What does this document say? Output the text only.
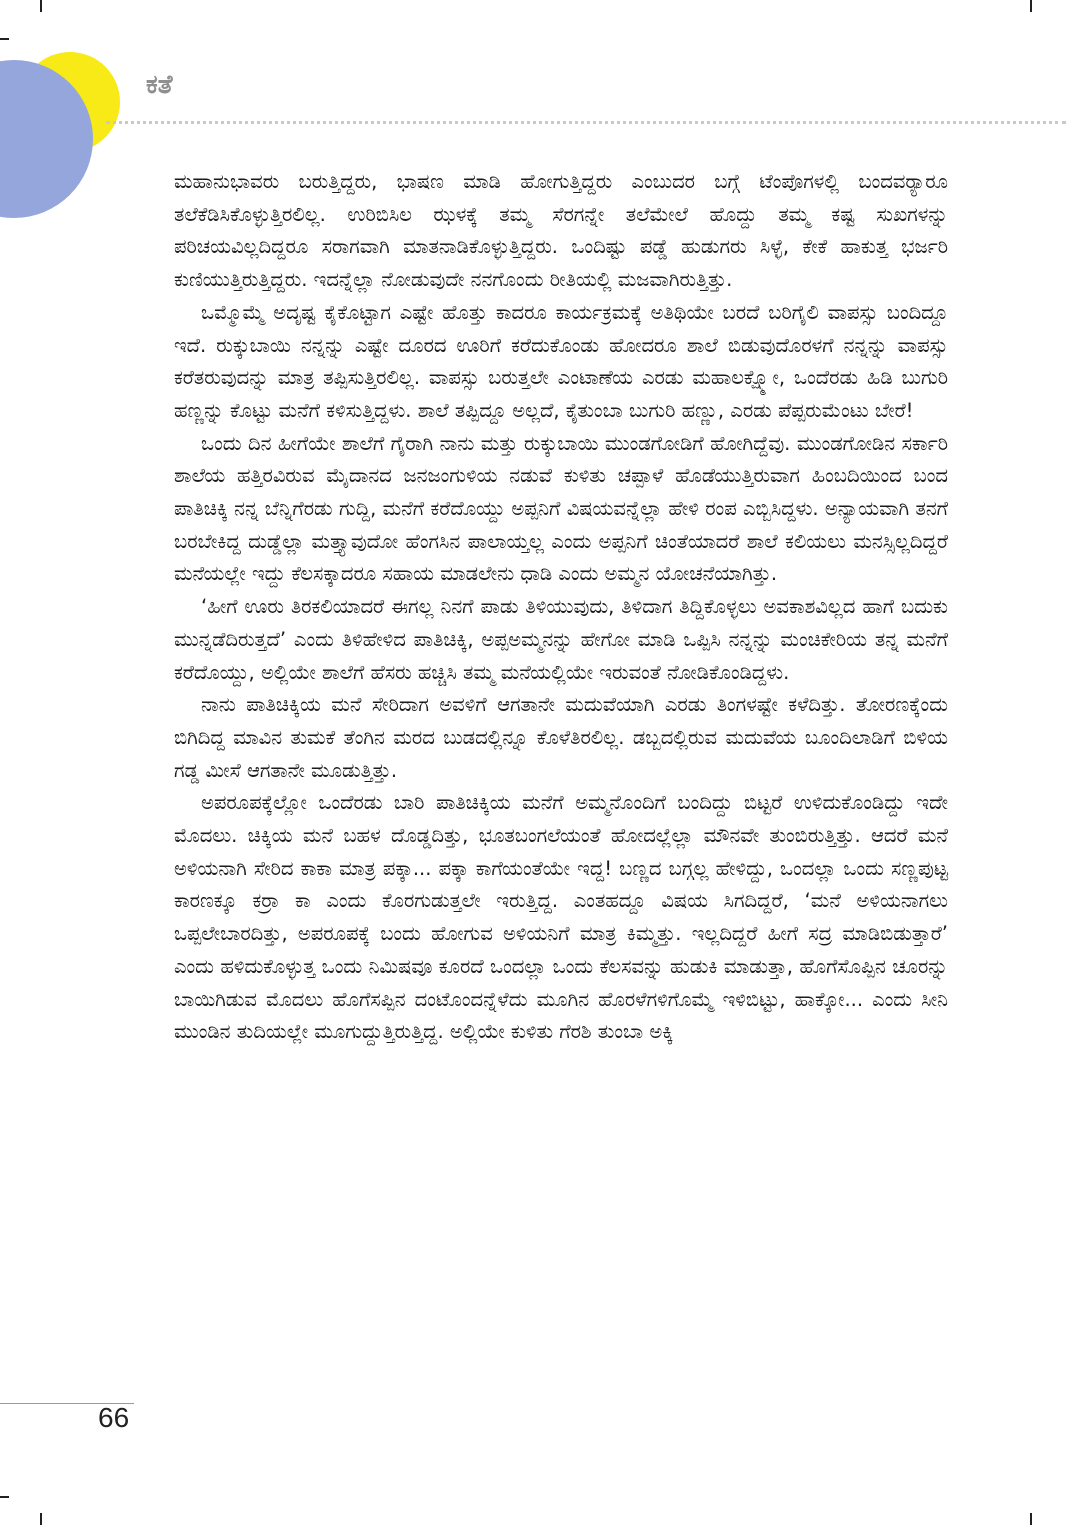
ಕತೆ

ಮಹಾನುಭಾವರು ಬರುತ್ತಿದ್ದರು, ಭಾಷಣ ಮಾಡಿ ಹೋಗುತ್ತಿದ್ದರು ಎಂಬುದರ ಬಗ್ಗೆ ಟೆಂಪೊಗಳಲ್ಲಿ ಬಂದವರ್‍ಯಾರೂ ತಲೆಕೆಡಿಸಿಕೊಳ್ಳುತ್ತಿರಲಿಲ್ಲ. ಉರಿಬಿಸಿಲ ಝಳಕ್ಕೆ ತಮ್ಮ ಸೆರಗನ್ನೇ ತಲೆಮೇಲೆ ಹೊದ್ದು ತಮ್ಮ ಕಷ್ಟ ಸುಖಗಳನ್ನು ಪರಿಚಯವಿಲ್ಲದಿದ್ದರೂ ಸರಾಗವಾಗಿ ಮಾತನಾಡಿಕೊಳ್ಳುತ್ತಿದ್ದರು. ಒಂದಿಷ್ಟು ಪಡ್ಡೆ ಹುಡುಗರು ಸಿಳ್ಳೆ, ಕೇಕೆ ಹಾಕುತ್ತ ಭರ್ಜರಿ ಕುಣಿಯುತ್ತಿರುತ್ತಿದ್ದರು. ಇದನ್ನೆಲ್ಲಾ ನೋಡುವುದೇ ನನಗೊಂದು ರೀತಿಯಲ್ಲಿ ಮಜವಾಗಿರುತ್ತಿತ್ತು.

ಒಮ್ಮೊಮ್ಮೆ ಅದೃಷ್ಟ ಕೈಕೊಟ್ಟಾಗ ಎಷ್ಟೇ ಹೊತ್ತು ಕಾದರೂ ಕಾರ್ಯಕ್ರಮಕ್ಕೆ ಅತಿಥಿಯೇ ಬರದೆ ಬರಿಗೈಲಿ ವಾಪಸ್ಸು ಬಂದಿದ್ದೂ ಇದೆ. ರುಕ್ಕುಬಾಯಿ ನನ್ನನ್ನು ಎಷ್ಟೇ ದೂರದ ಊರಿಗೆ ಕರೆದುಕೊಂಡು ಹೋದರೂ ಶಾಲೆ ಬಿಡುವುದೊರಳಗೆ ನನ್ನನ್ನು ವಾಪಸ್ಸು ಕರೆತರುವುದನ್ನು ಮಾತ್ರ ತಪ್ಪಿಸುತ್ತಿರಲಿಲ್ಲ. ವಾಪಸ್ಸು ಬರುತ್ತಲೇ ಎಂಟಾಣೆಯ ಎರಡು ಮಹಾಲಕ್ಷ್ಮೋ, ಒಂದೆರಡು ಹಿಡಿ ಬುಗುರಿ ಹಣ್ಣನ್ನು ಕೊಟ್ಟು ಮನೆಗೆ ಕಳಿಸುತ್ತಿದ್ದಳು. ಶಾಲೆ ತಪ್ಪಿದ್ದೂ ಅಲ್ಲದೆ, ಕೈತುಂಬಾ ಬುಗುರಿ ಹಣ್ಣು, ಎರಡು ಪೆಪ್ಪರುಮೆಂಟು ಬೇರೆ!

ಒಂದು ದಿನ ಹೀಗೆಯೇ ಶಾಲೆಗೆ ಗೈರಾಗಿ ನಾನು ಮತ್ತು ರುಕ್ಕುಬಾಯಿ ಮುಂಡಗೋಡಿಗೆ ಹೋಗಿದ್ದೆವು. ಮುಂಡಗೋಡಿನ ಸರ್ಕಾರಿ ಶಾಲೆಯ ಹತ್ತಿರವಿರುವ ಮೈದಾನದ ಜನಜಂಗುಳಿಯ ನಡುವೆ ಕುಳಿತು ಚಪ್ಪಾಳೆ ಹೊಡೆಯುತ್ತಿರುವಾಗ ಹಿಂಬದಿಯಿಂದ ಬಂದ ಪಾತಿಚಿಕ್ಕಿ ನನ್ನ ಬೆನ್ನಿಗೆರಡು ಗುದ್ದಿ, ಮನೆಗೆ ಕರೆದೊಯ್ದು ಅಪ್ಪನಿಗೆ ವಿಷಯವನ್ನೆಲ್ಲಾ ಹೇಳಿ ರಂಪ ಎಬ್ಬಿಸಿದ್ದಳು. ಅನ್ಯಾಯವಾಗಿ ತನಗೆ ಬರಬೇಕಿದ್ದ ದುಡ್ಡೆಲ್ಲಾ ಮತ್ತ್ಯಾವುದೋ ಹೆಂಗಸಿನ ಪಾಲಾಯ್ತಲ್ಲ ಎಂದು ಅಪ್ಪನಿಗೆ ಚಿಂತೆಯಾದರೆ ಶಾಲೆ ಕಲಿಯಲು ಮನಸ್ಸಿಲ್ಲದಿದ್ದರೆ ಮನೆಯಲ್ಲೇ ಇದ್ದು ಕೆಲಸಕ್ಕಾದರೂ ಸಹಾಯ ಮಾಡಲೇನು ಧಾಡಿ ಎಂದು ಅಮ್ಮನ ಯೋಚನೆಯಾಗಿತ್ತು.

‘ಹೀಗೆ ಊರು ತಿರಕಲಿಯಾದರೆ ಈಗಲ್ಲ ನಿನಗೆ ಪಾಡು ತಿಳಿಯುವುದು, ತಿಳಿದಾಗ ತಿದ್ದಿಕೊಳ್ಳಲು ಅವಕಾಶವಿಲ್ಲದ ಹಾಗೆ ಬದುಕು ಮುನ್ನಡೆದಿರುತ್ತದೆ’ ಎಂದು ತಿಳಿಹೇಳಿದ ಪಾತಿಚಿಕ್ಕಿ, ಅಪ್ಪಅಮ್ಮನನ್ನು ಹೇಗೋ ಮಾಡಿ ಒಪ್ಪಿಸಿ ನನ್ನನ್ನು ಮಂಚಿಕೇರಿಯ ತನ್ನ ಮನೆಗೆ ಕರೆದೊಯ್ದು, ಅಲ್ಲಿಯೇ ಶಾಲೆಗೆ ಹೆಸರು ಹಚ್ಚಿಸಿ ತಮ್ಮ ಮನೆಯಲ್ಲಿಯೇ ಇರುವಂತೆ ನೋಡಿಕೊಂಡಿದ್ದಳು.

ನಾನು ಪಾತಿಚಿಕ್ಕಿಯ ಮನೆ ಸೇರಿದಾಗ ಅವಳಿಗೆ ಆಗತಾನೇ ಮದುವೆಯಾಗಿ ಎರಡು ತಿಂಗಳಷ್ಟೇ ಕಳೆದಿತ್ತು. ತೋರಣಕ್ಕೆಂದು ಬಿಗಿದಿದ್ದ ಮಾವಿನ ತುಮಕೆ ತೆಂಗಿನ ಮರದ ಬುಡದಲ್ಲಿನ್ನೂ ಕೊಳೆತಿರಲಿಲ್ಲ. ಡಬ್ಬದಲ್ಲಿರುವ ಮದುವೆಯ ಬೂಂದಿಲಾಡಿಗೆ ಬಿಳಿಯ ಗಡ್ಡ ಮೀಸೆ ಆಗತಾನೇ ಮೂಡುತ್ತಿತ್ತು.

ಅಪರೂಪಕ್ಕೆಲ್ಲೋ ಒಂದೆರಡು ಬಾರಿ ಪಾತಿಚಿಕ್ಕಿಯ ಮನೆಗೆ ಅಮ್ಮನೊಂದಿಗೆ ಬಂದಿದ್ದು ಬಿಟ್ಟರೆ ಉಳಿದುಕೊಂಡಿದ್ದು ಇದೇ ಮೊದಲು. ಚಿಕ್ಕಿಯ ಮನೆ ಬಹಳ ದೊಡ್ಡದಿತ್ತು, ಭೂತಬಂಗಲೆಯಂತೆ ಹೋದಲ್ಲೆಲ್ಲಾ ಮೌನವೇ ತುಂಬಿರುತ್ತಿತ್ತು. ಆದರೆ ಮನೆ ಅಳಿಯನಾಗಿ ಸೇರಿದ ಕಾಕಾ ಮಾತ್ರ ಪಕ್ಕಾ... ಪಕ್ಕಾ ಕಾಗೆಯಂತೆಯೇ ಇದ್ದ! ಬಣ್ಣದ ಬಗ್ಗಲ್ಲ ಹೇಳಿದ್ದು, ಒಂದಲ್ಲಾ ಒಂದು ಸಣ್ಣಪುಟ್ಟ ಕಾರಣಕ್ಕೂ ಕರ್‍ರಾ ಕಾ ಎಂದು ಕೊರಗುಡುತ್ತಲೇ ಇರುತ್ತಿದ್ದ. ಎಂತಹದ್ದೂ ವಿಷಯ ಸಿಗದಿದ್ದರೆ, ‘ಮನೆ ಅಳಿಯನಾಗಲು ಒಪ್ಪಲೇಬಾರದಿತ್ತು, ಅಪರೂಪಕ್ಕೆ ಬಂದು ಹೋಗುವ ಅಳಿಯನಿಗೆ ಮಾತ್ರ ಕಿಮ್ಮತ್ತು. ಇಲ್ಲದಿದ್ದರೆ ಹೀಗೆ ಸದ್ರ ಮಾಡಿಬಿಡುತ್ತಾರೆ’ ಎಂದು ಹಳಿದುಕೊಳ್ಳುತ್ತ ಒಂದು ನಿಮಿಷವೂ ಕೂರದೆ ಒಂದಲ್ಲಾ ಒಂದು ಕೆಲಸವನ್ನು ಹುಡುಕಿ ಮಾಡುತ್ತಾ, ಹೊಗೆಸೊಪ್ಪಿನ ಚೂರನ್ನು ಬಾಯಿಗಿಡುವ ಮೊದಲು ಹೊಗೆಸಪ್ಪಿನ ದಂಟೊಂದನ್ನೆಳೆದು ಮೂಗಿನ ಹೊರಳೆಗಳಿಗೊಮ್ಮೆ ಇಳಿಬಿಟ್ಟು, ಹಾಕ್ಕೋ... ಎಂದು ಸೀನಿ ಮುಂಡಿನ ತುದಿಯಲ್ಲೇ ಮೂಗುದ್ದುತ್ತಿರುತ್ತಿದ್ದ. ಅಲ್ಲಿಯೇ ಕುಳಿತು ಗೆರಶಿ ತುಂಬಾ ಅಕ್ಕಿ

66
